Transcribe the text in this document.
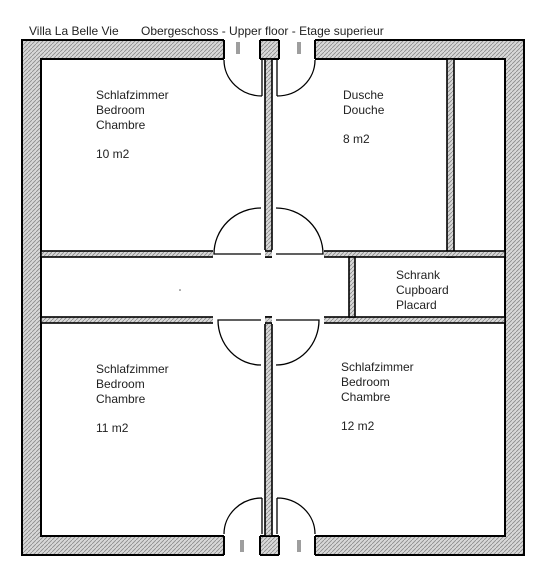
Villa La Belle Vie Obergeschoss - Upper floor - Etage superieur
Schlafzimmer
Bedroom
Chambre
10 m2
Dusche
Douche
8 m2
Schrank
Cupboard
Placard
Schlafzimmer
Bedroom
Chambre
11 m2
Schlafzimmer
Bedroom
Chambre
12 m2
